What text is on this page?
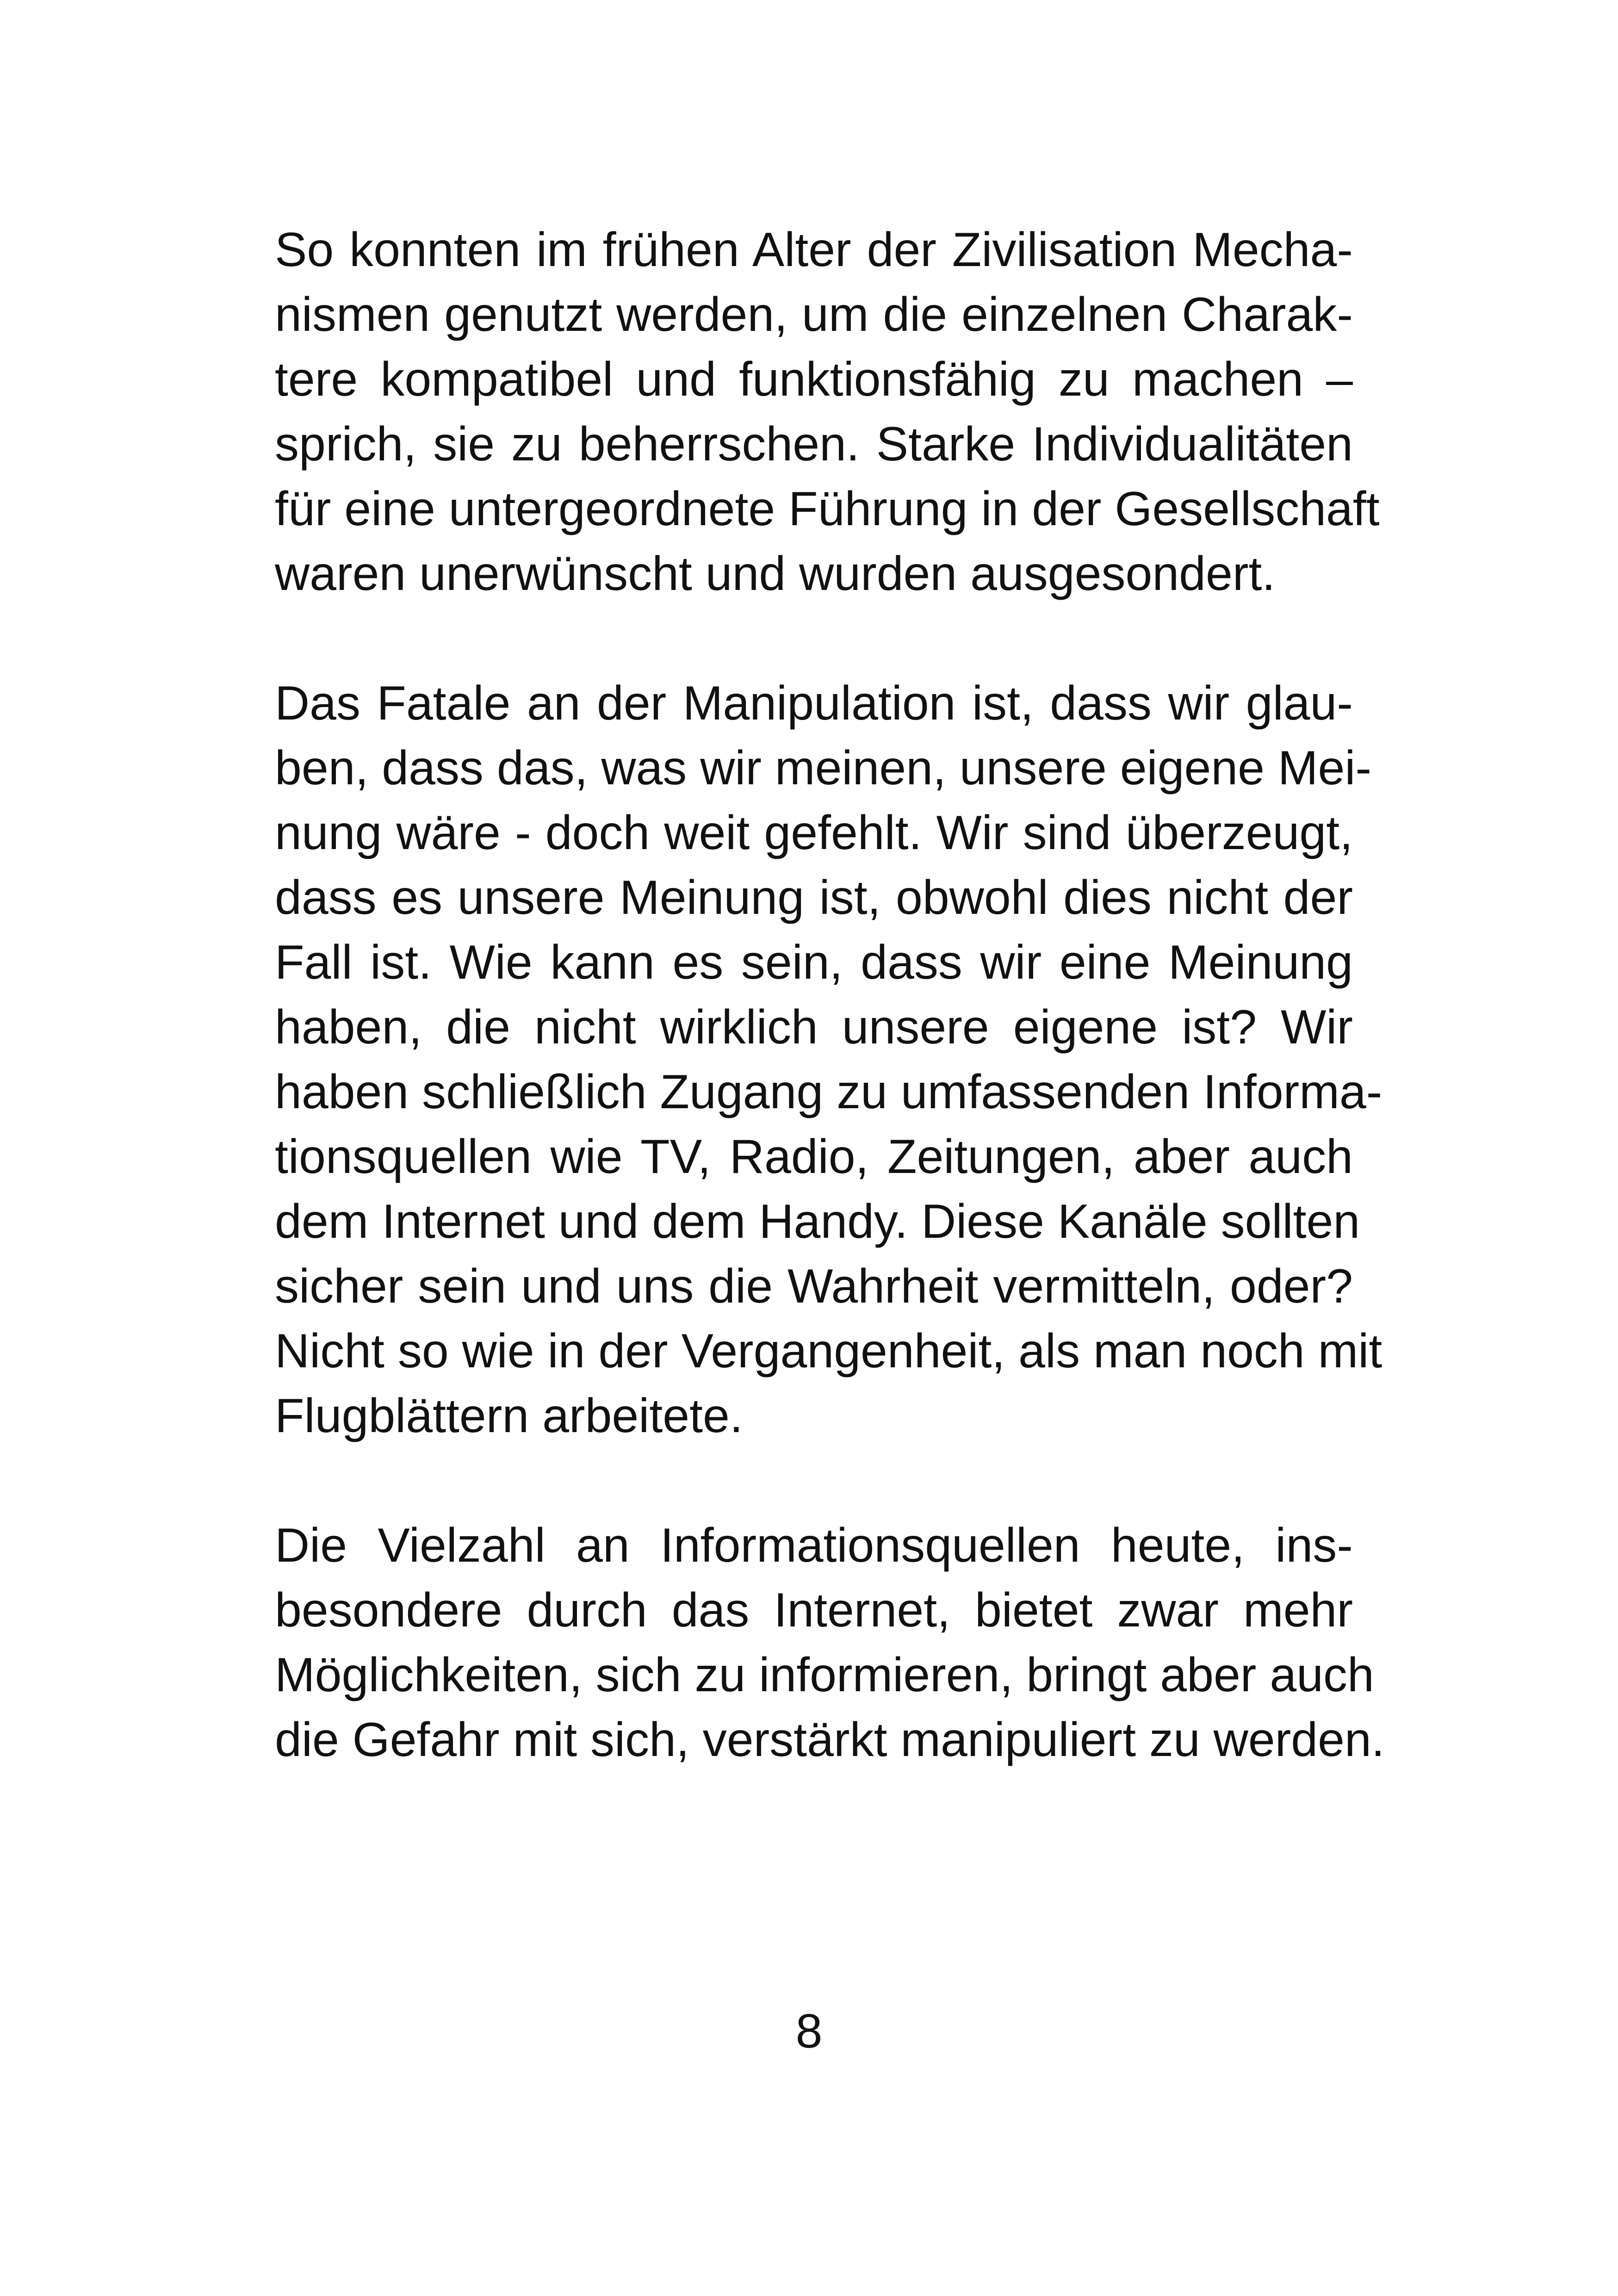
So konnten im frühen Alter der Zivilisation Mecha-
nismen genutzt werden, um die einzelnen Charak-
tere kompatibel und funktionsfähig zu machen –
sprich, sie zu beherrschen. Starke Individualitäten
für eine untergeordnete Führung in der Gesellschaft
waren unerwünscht und wurden ausgesondert.

Das Fatale an der Manipulation ist, dass wir glau-
ben, dass das, was wir meinen, unsere eigene Mei-
nung wäre - doch weit gefehlt. Wir sind überzeugt,
dass es unsere Meinung ist, obwohl dies nicht der
Fall ist. Wie kann es sein, dass wir eine Meinung
haben, die nicht wirklich unsere eigene ist? Wir
haben schließlich Zugang zu umfassenden Informa-
tionsquellen wie TV, Radio, Zeitungen, aber auch
dem Internet und dem Handy. Diese Kanäle sollten
sicher sein und uns die Wahrheit vermitteln, oder?
Nicht so wie in der Vergangenheit, als man noch mit
Flugblättern arbeitete.

Die Vielzahl an Informationsquellen heute, ins-
besondere durch das Internet, bietet zwar mehr
Möglichkeiten, sich zu informieren, bringt aber auch
die Gefahr mit sich, verstärkt manipuliert zu werden.

8
